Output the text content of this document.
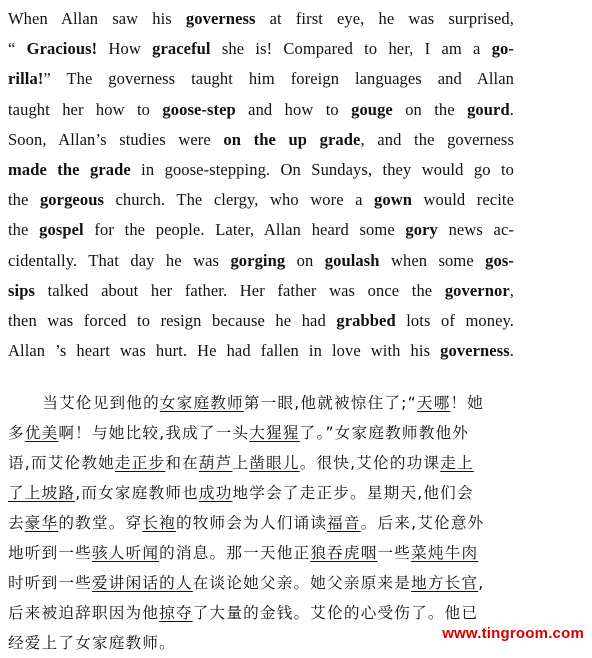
When Allan saw his governess at first eye, he was surprised,
“ Gracious! How graceful she is! Compared to her, I am a go-
rilla!” The governess taught him foreign languages and Allan
taught her how to goose-step and how to gouge on the gourd.
Soon, Allan’s studies were on the up grade, and the governess
made the grade in goose-stepping. On Sundays, they would go to
the gorgeous church. The clergy, who wore a gown would recite
the gospel for the people. Later, Allan heard some gory news ac-
cidentally. That day he was gorging on goulash when some gos-
sips talked about her father. Her father was once the governor,
then was forced to resign because he had grabbed lots of money.
Allan ’s heart was hurt. He had fallen in love with his governess.
当艾伦见到他的女家庭教师第一眼,他就被惊住了;“天哪！她
多优美啊！与她比较,我成了一头大猩猩了。”女家庭教师教他外
语,而艾伦教她走正步和在葫芦上凿眼儿。很快,艾伦的功课走上
了上坡路,而女家庭教师也成功地学会了走正步。星期天,他们会
去豪华的教堂。穿长袍的牧师会为人们诵读福音。后来,艾伦意外
地听到一些骇人听闻的消息。那一天他正狼吞虎咽一些菜炖牛肉
时听到一些爱讲闲话的人在谈论她父亲。她父亲原来是地方长官,
后来被迫辞职因为他掠夺了大量的金钱。艾伦的心受伤了。他已
经爱上了女家庭教师。
www.tingroom.com
